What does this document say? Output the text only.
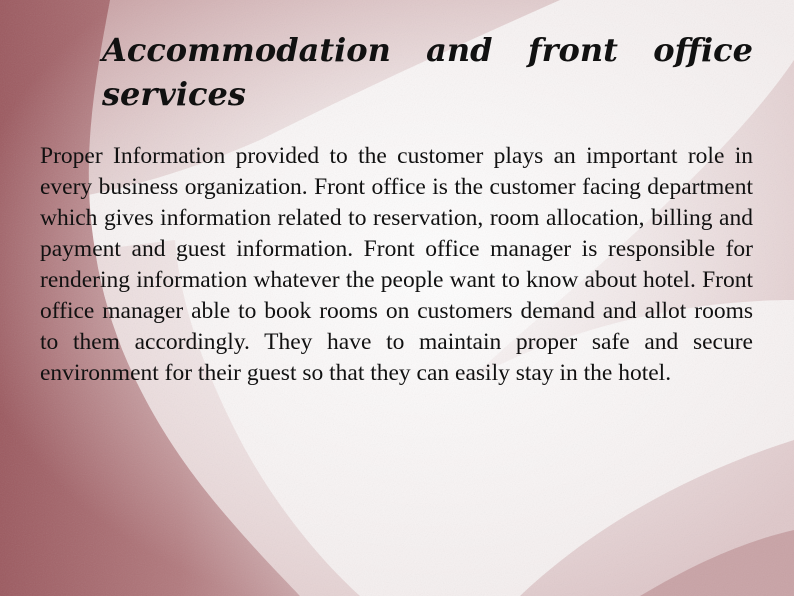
Accommodation and front office services

Proper Information provided to the customer plays an important role in every business organization. Front office is the customer facing department which gives information related to reservation, room allocation, billing and payment and guest information. Front office manager is responsible for rendering information whatever the people want to know about hotel. Front office manager able to book rooms on customers demand and allot rooms to them accordingly. They have to maintain proper safe and secure environment for their guest so that they can easily stay in the hotel.
